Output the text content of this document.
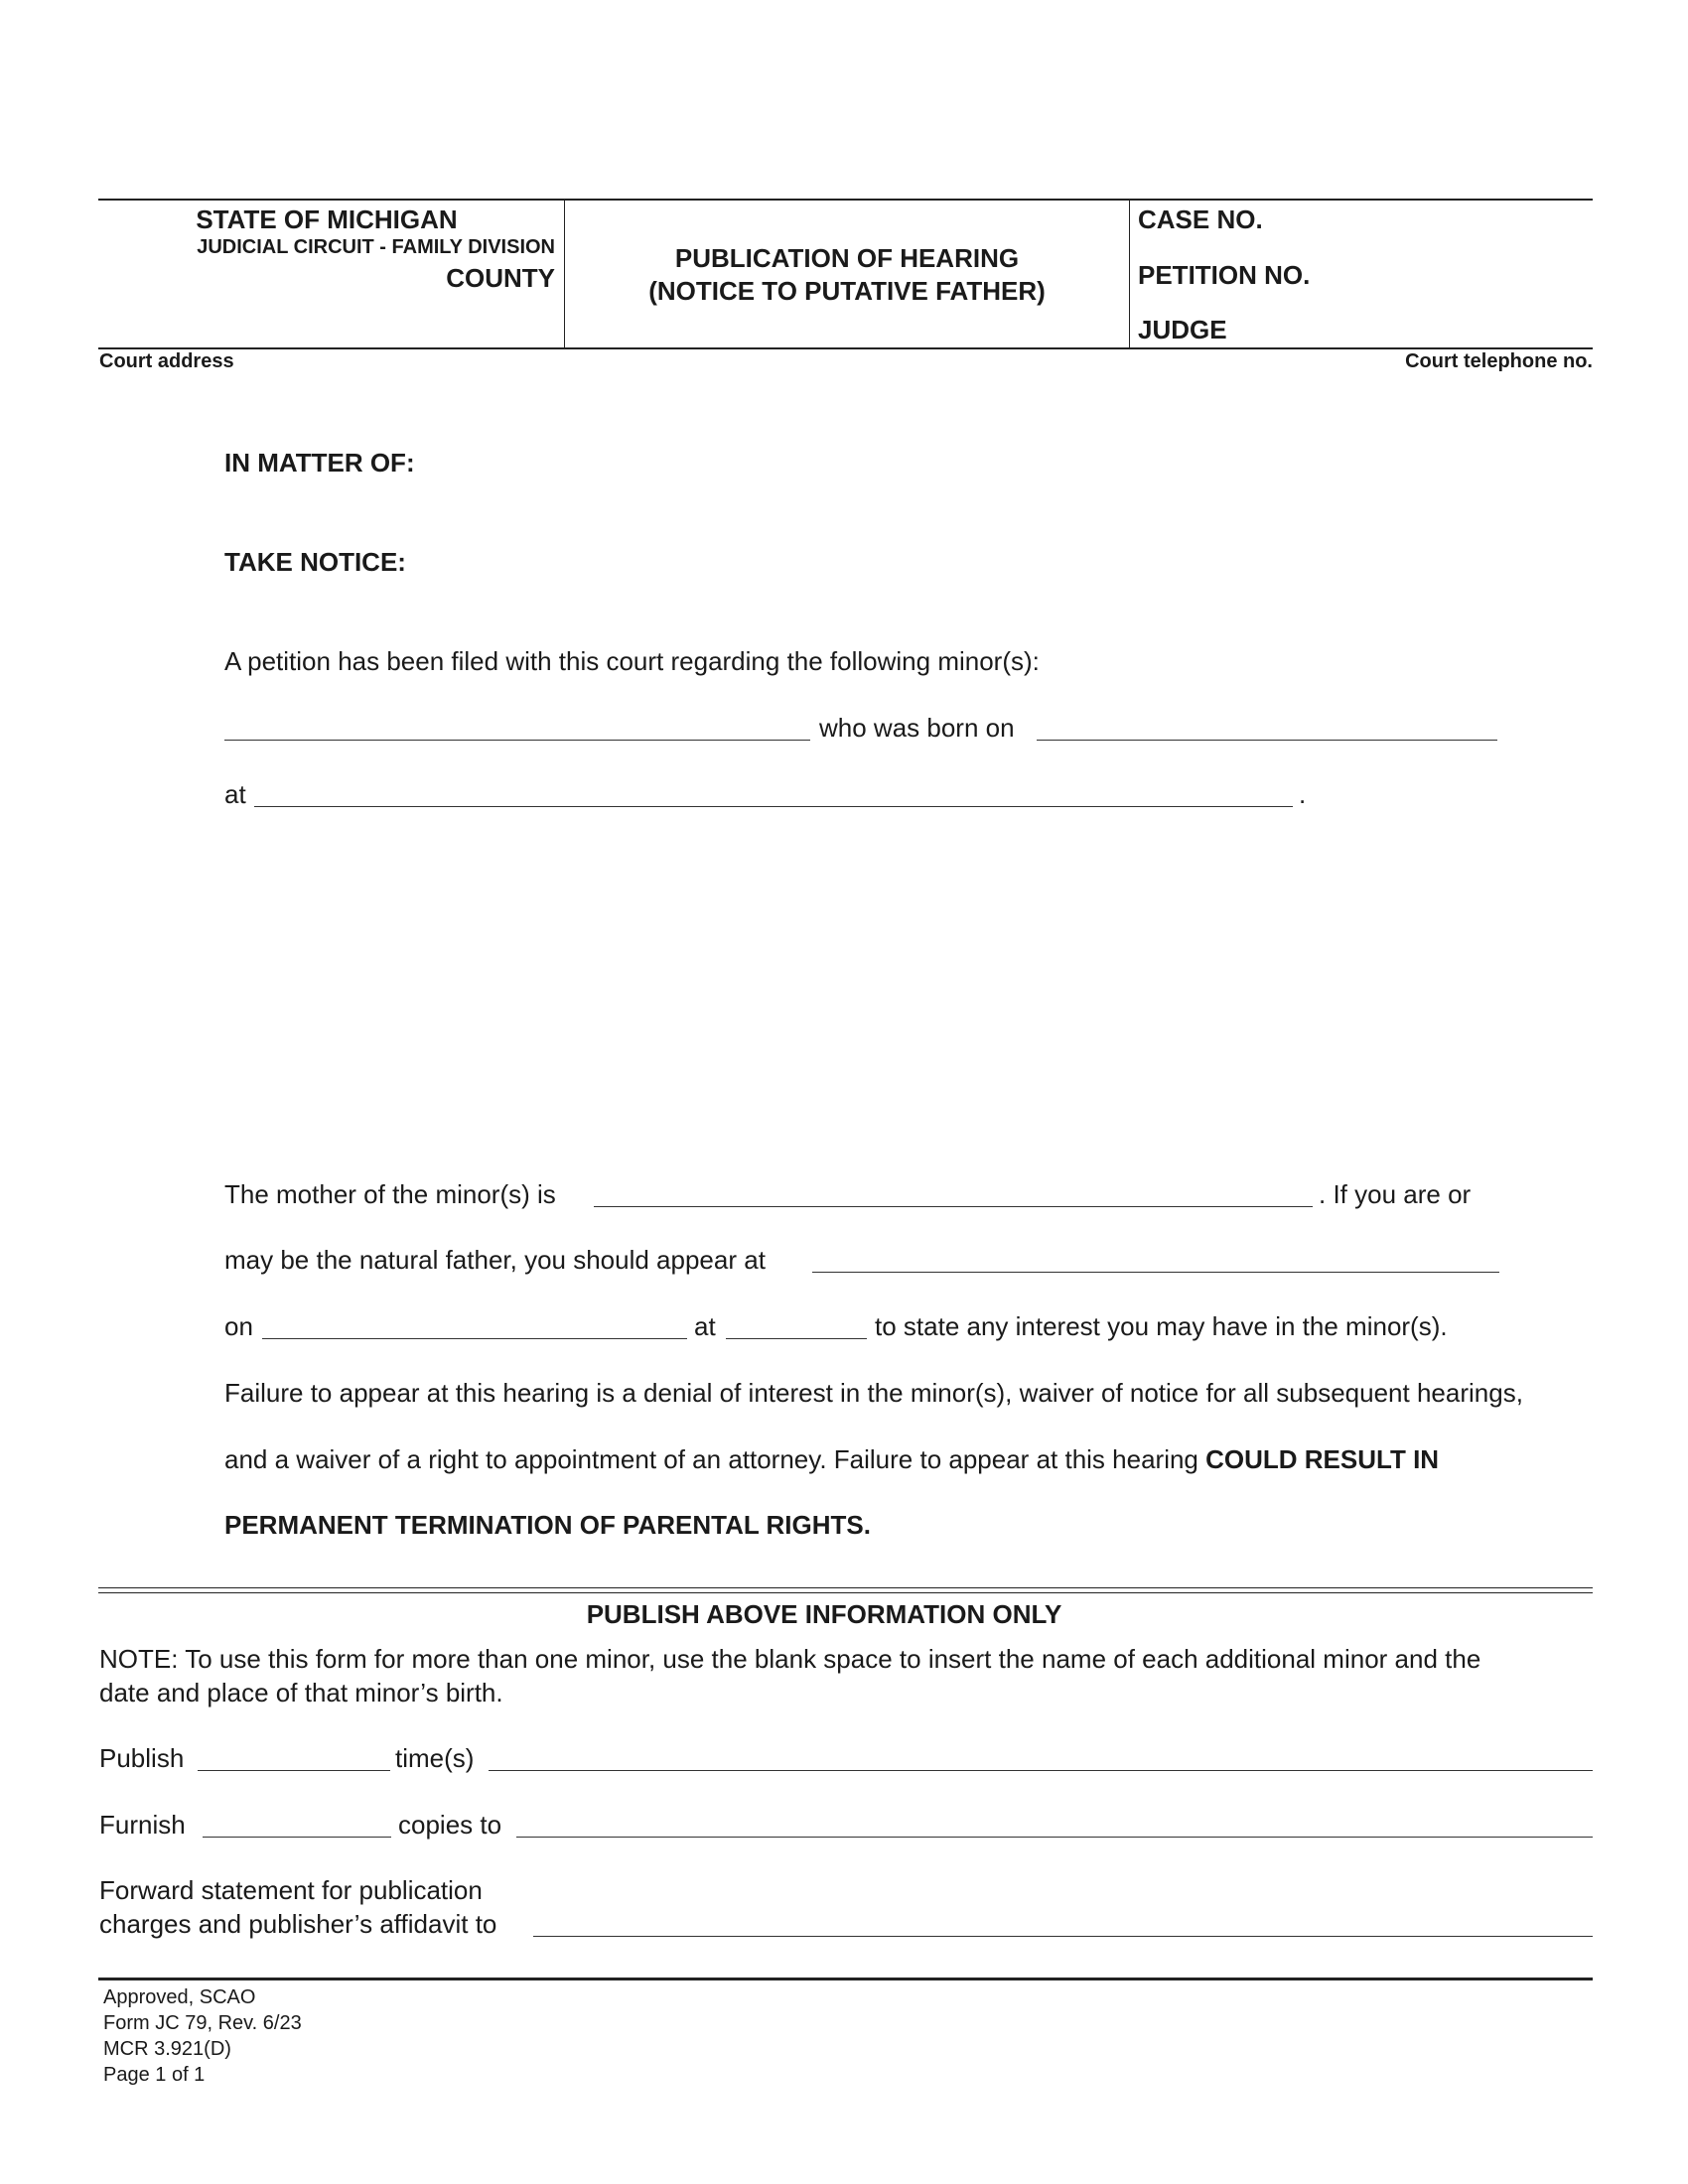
STATE OF MICHIGAN
JUDICIAL CIRCUIT - FAMILY DIVISION
COUNTY
PUBLICATION OF HEARING
(NOTICE TO PUTATIVE FATHER)
CASE NO.
PETITION NO.
JUDGE
Court address	Court telephone no.
IN MATTER OF:
TAKE NOTICE:
A petition has been filed with this court regarding the following minor(s):
who was born on
at	.
The mother of the minor(s) is	. If you are or
may be the natural father, you should appear at
on	at	to state any interest you may have in the minor(s).
Failure to appear at this hearing is a denial of interest in the minor(s), waiver of notice for all subsequent hearings,
and a waiver of a right to appointment of an attorney. Failure to appear at this hearing COULD RESULT IN
PERMANENT TERMINATION OF PARENTAL RIGHTS.
PUBLISH ABOVE INFORMATION ONLY
NOTE: To use this form for more than one minor, use the blank space to insert the name of each additional minor and the
date and place of that minor’s birth.
Publish	time(s)
Furnish	copies to
Forward statement for publication
charges and publisher’s affidavit to
Approved, SCAO
Form JC 79, Rev. 6/23
MCR 3.921(D)
Page 1 of 1
